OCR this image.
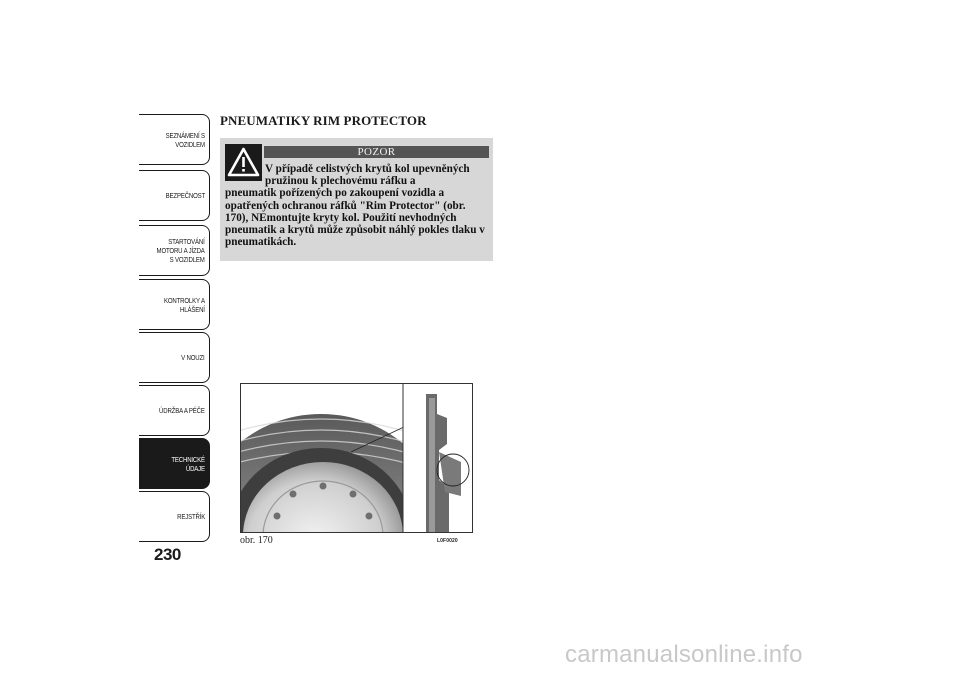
SEZNÁMENÍ S
VOZIDLEM
BEZPEČNOST
STARTOVÁNÍ
MOTORU A JÍZDA
S VOZIDLEM
KONTROLKY A
HLÁŠENÍ
V NOUZI
ÚDRŽBA A PÉČE
TECHNICKÉ
ÚDAJE
REJSTŘÍK
230
PNEUMATIKY RIM PROTECTOR
POZOR
V případě celistvých krytů kol upevněných pružinou k plechovému ráfku a
pneumatik pořízených po zakoupení vozidla a opatřených ochranou ráfků "Rim Protector" (obr. 170), NEmontujte kryty kol. Použití nevhodných pneumatik a krytů může způsobit náhlý pokles tlaku v pneumatikách.
obr. 170	L0F0020
carmanualsonline.info
